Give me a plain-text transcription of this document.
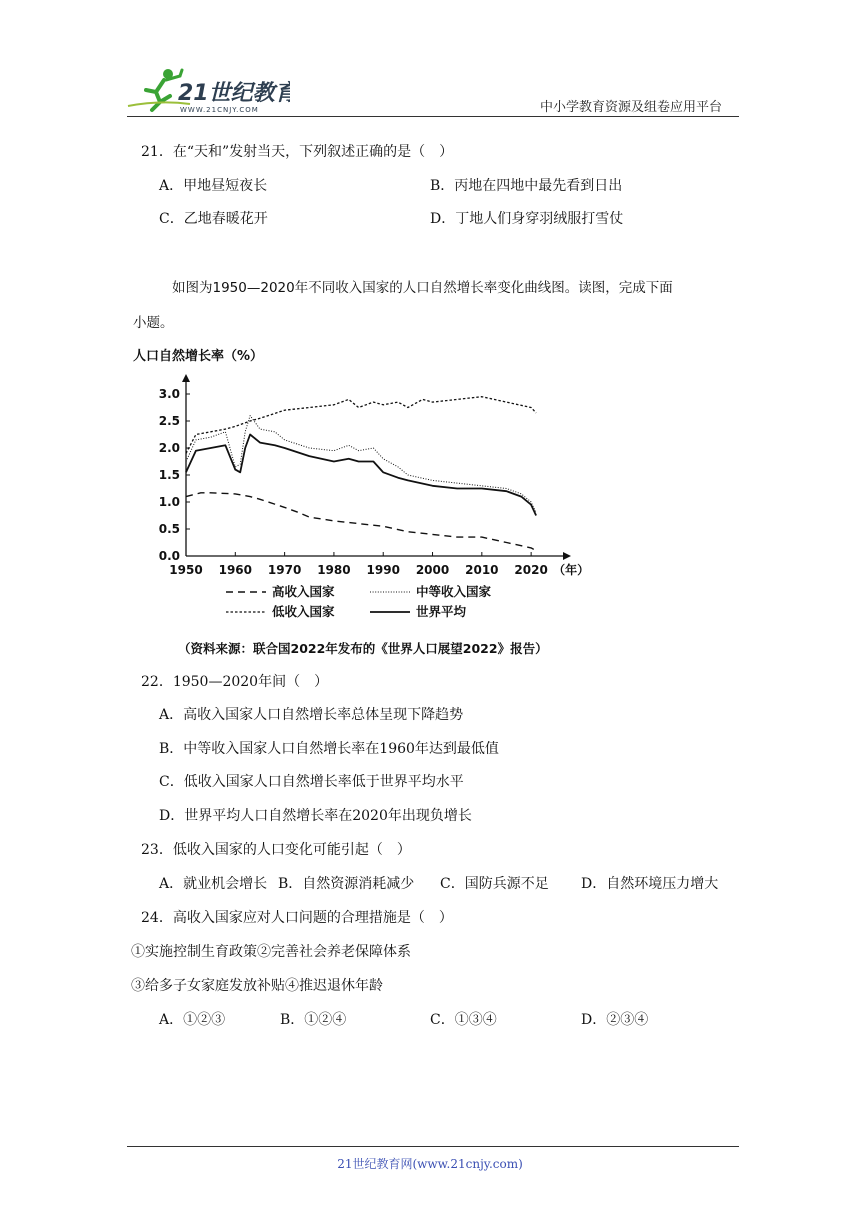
21世纪教育
WWW.21CNJY.COM	中小学教育资源及组卷应用平台
21．在“天和”发射当天，下列叙述正确的是（　）
A．甲地昼短夜长	B．丙地在四地中最先看到日出
C．乙地春暖花开	D．丁地人们身穿羽绒服打雪仗
如图为1950—2020年不同收入国家的人口自然增长率变化曲线图。读图，完成下面
小题。
人口自然增长率（%）
0.0
0.5
1.0
1.5
2.0
2.5
3.0
1950 1960 1970 1980 1990 2000 2010 2020 （年）
高收入国家	中等收入国家
低收入国家	世界平均
（资料来源：联合国2022年发布的《世界人口展望2022》报告）
22．1950—2020年间（　）
A．高收入国家人口自然增长率总体呈现下降趋势
B．中等收入国家人口自然增长率在1960年达到最低值
C．低收入国家人口自然增长率低于世界平均水平
D．世界平均人口自然增长率在2020年出现负增长
23．低收入国家的人口变化可能引起（　）
A．就业机会增长 B．自然资源消耗减少 C．国防兵源不足 D．自然环境压力增大
24．高收入国家应对人口问题的合理措施是（　）
①实施控制生育政策②完善社会养老保障体系
③给多子女家庭发放补贴④推迟退休年龄
A．①②③	B．①②④	C．①③④	D．②③④
21世纪教育网(www.21cnjy.com)
